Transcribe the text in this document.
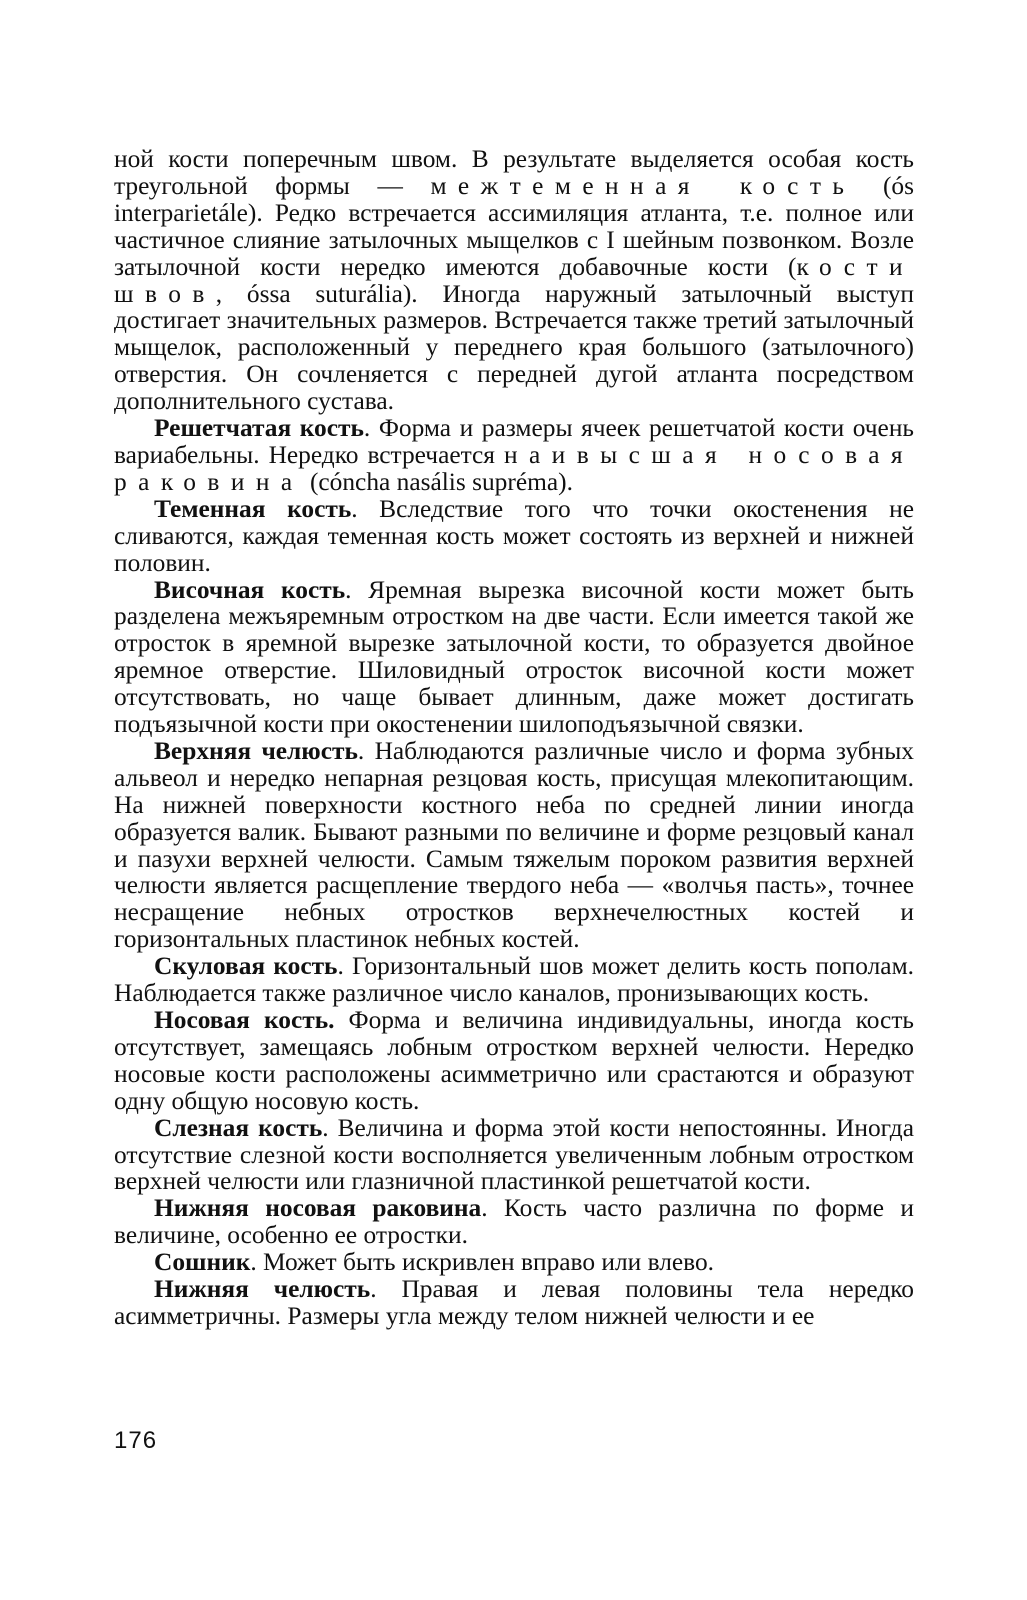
ной кости поперечным швом. В результате выделяется особая кость треугольной формы — межтеменная кость (ós interparietále). Редко встречается ассимиляция атланта, т.е. полное или частичное слияние затылочных мыщелков с I шейным позвонком. Возле затылочной кости нередко имеются добавочные кости (кости швов, óssa suturália). Иногда наружный затылочный выступ достигает значительных размеров. Встречается также третий затылочный мыщелок, расположенный у переднего края большого (затылочного) отверстия. Он сочленяется с передней дугой атланта посредством дополнительного сустава.

Решетчатая кость. Форма и размеры ячеек решетчатой кости очень вариабельны. Нередко встречается наивысшая носовая раковина (cóncha nasális supréma).

Теменная кость. Вследствие того что точки окостенения не сливаются, каждая теменная кость может состоять из верхней и нижней половин.

Височная кость. Яремная вырезка височной кости может быть разделена межъяремным отростком на две части. Если имеется такой же отросток в яремной вырезке затылочной кости, то образуется двойное яремное отверстие. Шиловидный отросток височной кости может отсутствовать, но чаще бывает длинным, даже может достигать подъязычной кости при окостенении шилоподъязычной связки.

Верхняя челюсть. Наблюдаются различные число и форма зубных альвеол и нередко непарная резцовая кость, присущая млекопитающим. На нижней поверхности костного неба по средней линии иногда образуется валик. Бывают разными по величине и форме резцовый канал и пазухи верхней челюсти. Самым тяжелым пороком развития верхней челюсти является расщепление твердого неба — «волчья пасть», точнее несращение небных отростков верхнечелюстных костей и горизонтальных пластинок небных костей.

Скуловая кость. Горизонтальный шов может делить кость пополам. Наблюдается также различное число каналов, пронизывающих кость.

Носовая кость. Форма и величина индивидуальны, иногда кость отсутствует, замещаясь лобным отростком верхней челюсти. Нередко носовые кости расположены асимметрично или срастаются и образуют одну общую носовую кость.

Слезная кость. Величина и форма этой кости непостоянны. Иногда отсутствие слезной кости восполняется увеличенным лобным отростком верхней челюсти или глазничной пластинкой решетчатой кости.

Нижняя носовая раковина. Кость часто различна по форме и величине, особенно ее отростки.

Сошник. Может быть искривлен вправо или влево.

Нижняя челюсть. Правая и левая половины тела нередко асимметричны. Размеры угла между телом нижней челюсти и ее

176
